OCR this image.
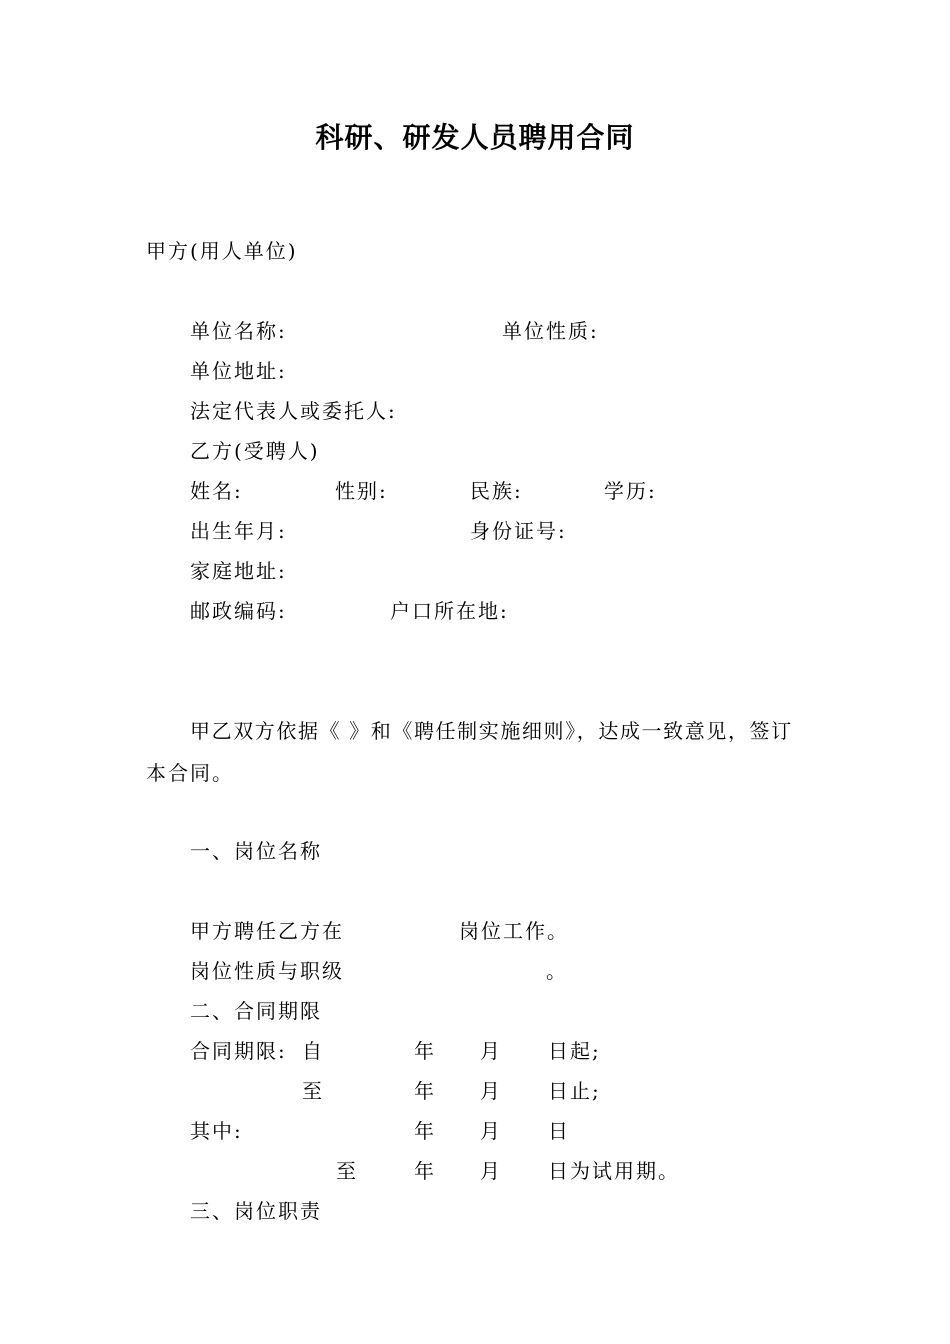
科研、研发人员聘用合同
甲方(用人单位)
单位名称:	单位性质:
单位地址:
法定代表人或委托人:
乙方(受聘人)
姓名:	性别:	民族:	学历:
出生年月:	身份证号:
家庭地址:
邮政编码:	户口所在地:
甲乙双方依据《 》和《聘任制实施细则》，达成一致意见，签订
本合同。
一、岗位名称
甲方聘任乙方在	岗位工作。
岗位性质与职级	。
二、合同期限
合同期限: 自	年 月 日起;
至	年 月 日止;
其中:	年 月 日
至	年 月 日为试用期。
三、岗位职责
